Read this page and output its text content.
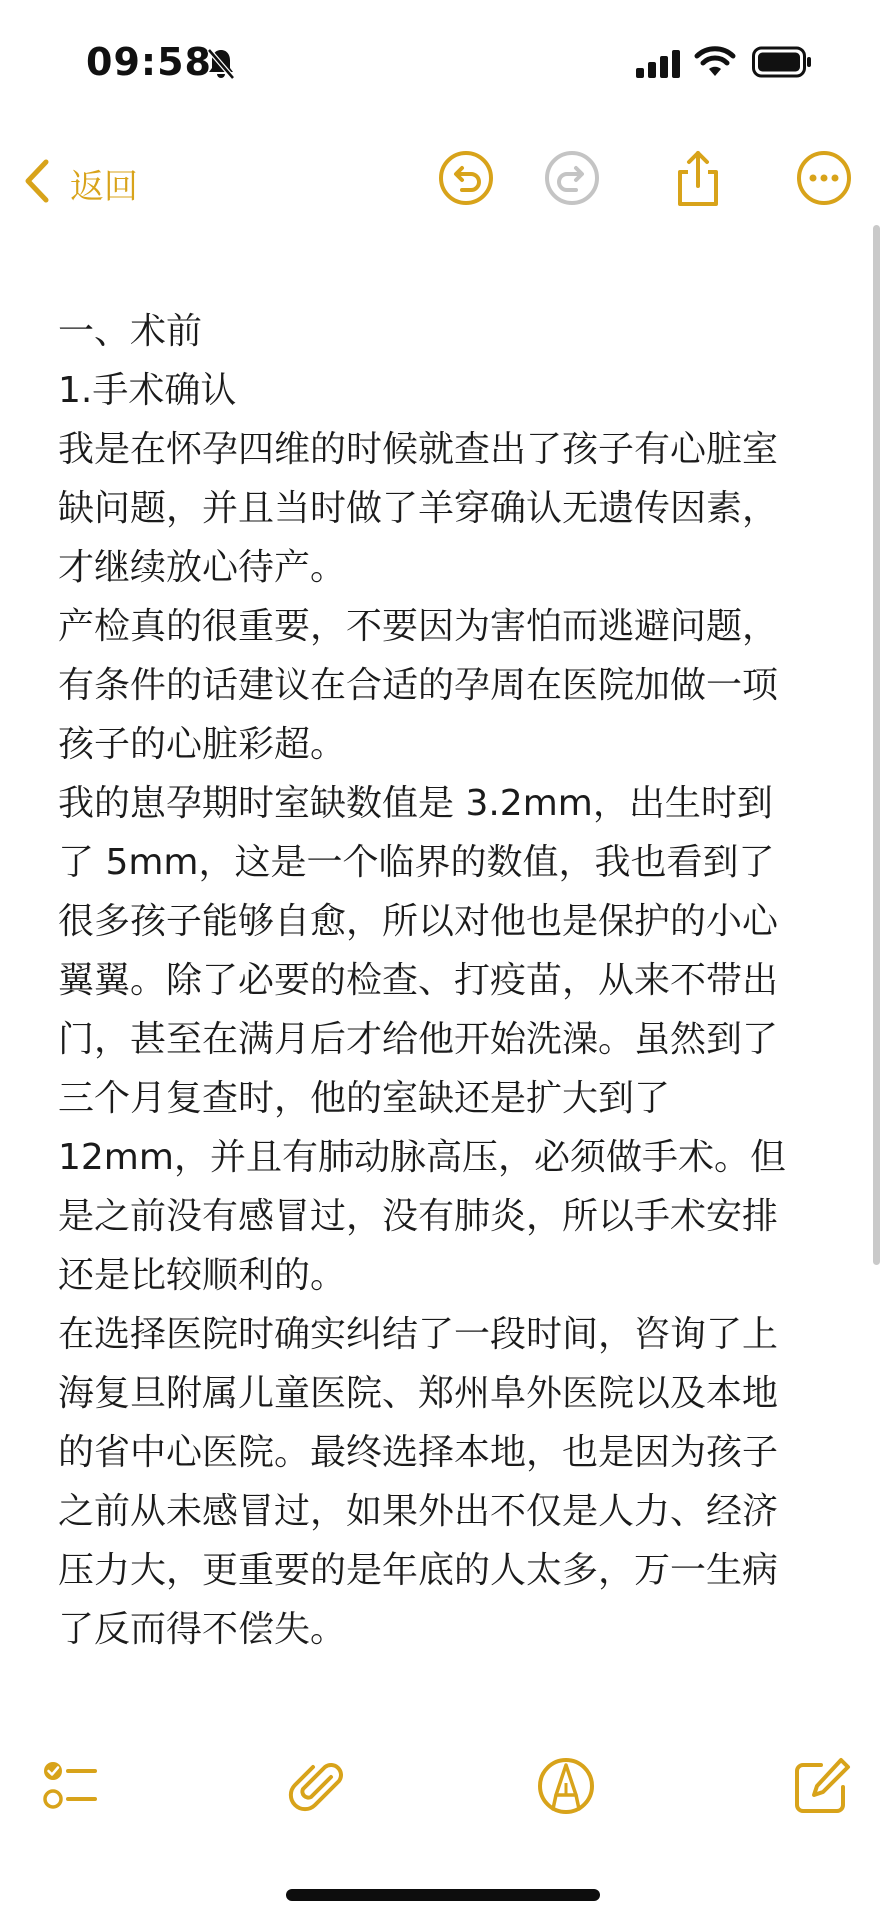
09:58
返回
一、术前
1.手术确认
我是在怀孕四维的时候就查出了孩子有心脏室
缺问题，并且当时做了羊穿确认无遗传因素，
才继续放心待产。
产检真的很重要，不要因为害怕而逃避问题，
有条件的话建议在合适的孕周在医院加做一项
孩子的心脏彩超。
我的崽孕期时室缺数值是 3.2mm，出生时到
了 5mm，这是一个临界的数值，我也看到了
很多孩子能够自愈，所以对他也是保护的小心
翼翼。除了必要的检查、打疫苗，从来不带出
门，甚至在满月后才给他开始洗澡。虽然到了
三个月复查时，他的室缺还是扩大到了
12mm，并且有肺动脉高压，必须做手术。但
是之前没有感冒过，没有肺炎，所以手术安排
还是比较顺利的。
在选择医院时确实纠结了一段时间，咨询了上
海复旦附属儿童医院、郑州阜外医院以及本地
的省中心医院。最终选择本地，也是因为孩子
之前从未感冒过，如果外出不仅是人力、经济
压力大，更重要的是年底的人太多，万一生病
了反而得不偿失。
